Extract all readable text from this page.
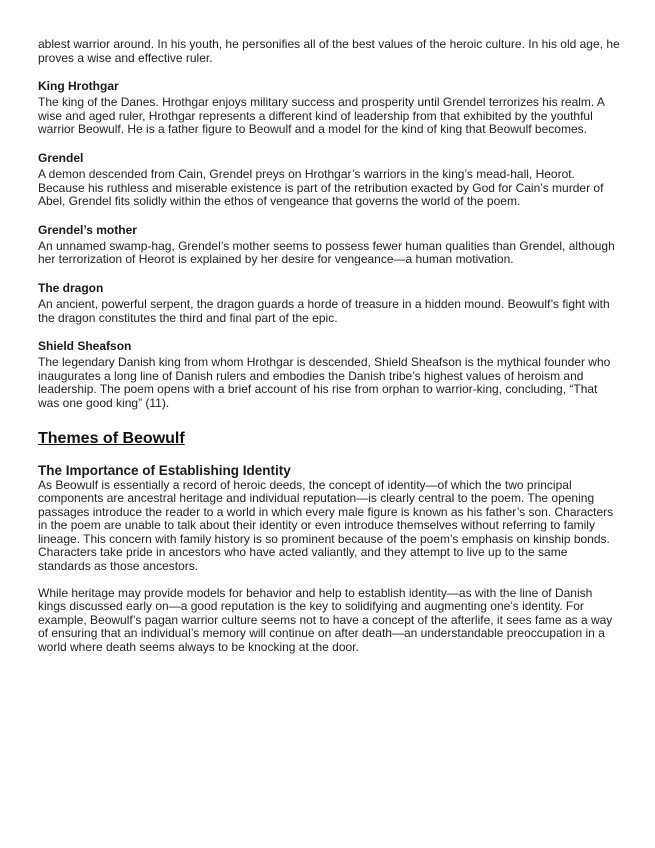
ablest warrior around. In his youth, he personifies all of the best values of the heroic culture. In his old age, he proves a wise and effective ruler.

King Hrothgar

The king of the Danes. Hrothgar enjoys military success and prosperity until Grendel terrorizes his realm. A wise and aged ruler, Hrothgar represents a different kind of leadership from that exhibited by the youthful warrior Beowulf. He is a father figure to Beowulf and a model for the kind of king that Beowulf becomes.

Grendel

A demon descended from Cain, Grendel preys on Hrothgar’s warriors in the king’s mead-hall, Heorot. Because his ruthless and miserable existence is part of the retribution exacted by God for Cain’s murder of Abel, Grendel fits solidly within the ethos of vengeance that governs the world of the poem.

Grendel’s mother

An unnamed swamp-hag, Grendel’s mother seems to possess fewer human qualities than Grendel, although her terrorization of Heorot is explained by her desire for vengeance—a human motivation.

The dragon

An ancient, powerful serpent, the dragon guards a horde of treasure in a hidden mound. Beowulf’s fight with the dragon constitutes the third and final part of the epic.

Shield Sheafson

The legendary Danish king from whom Hrothgar is descended, Shield Sheafson is the mythical founder who inaugurates a long line of Danish rulers and embodies the Danish tribe’s highest values of heroism and leadership. The poem opens with a brief account of his rise from orphan to warrior-king, concluding, “That was one good king” (11).

Themes of Beowulf
The Importance of Establishing Identity

As Beowulf is essentially a record of heroic deeds, the concept of identity—of which the two principal components are ancestral heritage and individual reputation—is clearly central to the poem. The opening passages introduce the reader to a world in which every male figure is known as his father’s son. Characters in the poem are unable to talk about their identity or even introduce themselves without referring to family lineage. This concern with family history is so prominent because of the poem’s emphasis on kinship bonds. Characters take pride in ancestors who have acted valiantly, and they attempt to live up to the same standards as those ancestors.

While heritage may provide models for behavior and help to establish identity—as with the line of Danish kings discussed early on—a good reputation is the key to solidifying and augmenting one’s identity. For example, Beowulf’s pagan warrior culture seems not to have a concept of the afterlife, it sees fame as a way of ensuring that an individual’s memory will continue on after death—an understandable preoccupation in a world where death seems always to be knocking at the door.
